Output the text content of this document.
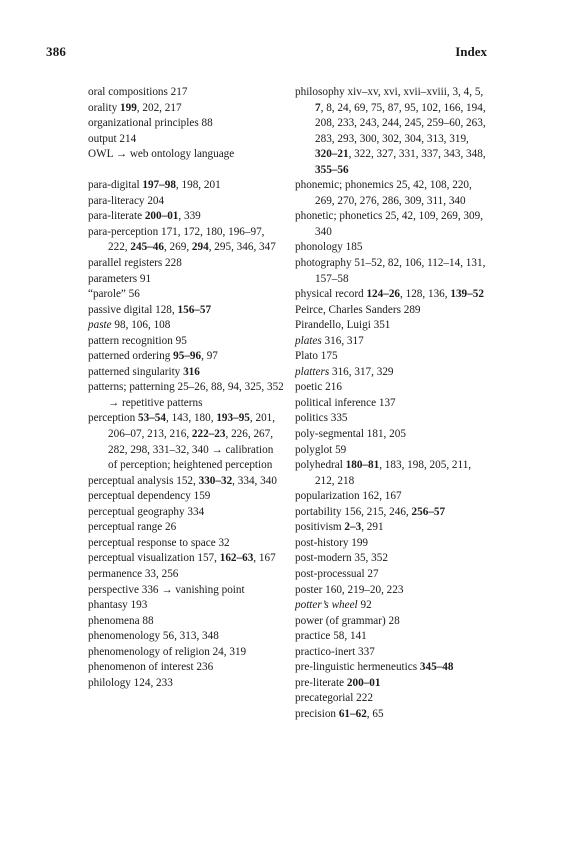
386	Index
oral compositions 217
orality 199, 202, 217
organizational principles 88
output 214
OWL → web ontology language
para-digital 197–98, 198, 201
para-literacy 204
para-literate 200–01, 339
para-perception 171, 172, 180, 196–97, 222, 245–46, 269, 294, 295, 346, 347
parallel registers 228
parameters 91
“parole” 56
passive digital 128, 156–57
paste 98, 106, 108
pattern recognition 95
patterned ordering 95–96, 97
patterned singularity 316
patterns; patterning 25–26, 88, 94, 325, 352 → repetitive patterns
perception 53–54, 143, 180, 193–95, 201, 206–07, 213, 216, 222–23, 226, 267, 282, 298, 331–32, 340 → calibration of perception; heightened perception
perceptual analysis 152, 330–32, 334, 340
perceptual dependency 159
perceptual geography 334
perceptual range 26
perceptual response to space 32
perceptual visualization 157, 162–63, 167
permanence 33, 256
perspective 336 → vanishing point
phantasy 193
phenomena 88
phenomenology 56, 313, 348
phenomenology of religion 24, 319
phenomenon of interest 236
philology 124, 233
philosophy xiv–xv, xvi, xvii–xviii, 3, 4, 5, 7, 8, 24, 69, 75, 87, 95, 102, 166, 194, 208, 233, 243, 244, 245, 259–60, 263, 283, 293, 300, 302, 304, 313, 319, 320–21, 322, 327, 331, 337, 343, 348, 355–56
phonemic; phonemics 25, 42, 108, 220, 269, 270, 276, 286, 309, 311, 340
phonetic; phonetics 25, 42, 109, 269, 309, 340
phonology 185
photography 51–52, 82, 106, 112–14, 131, 157–58
physical record 124–26, 128, 136, 139–52
Peirce, Charles Sanders 289
Pirandello, Luigi 351
plates 316, 317
Plato 175
platters 316, 317, 329
poetic 216
political inference 137
politics 335
poly-segmental 181, 205
polyglot 59
polyhedral 180–81, 183, 198, 205, 211, 212, 218
popularization 162, 167
portability 156, 215, 246, 256–57
positivism 2–3, 291
post-history 199
post-modern 35, 352
post-processual 27
poster 160, 219–20, 223
potter’s wheel 92
power (of grammar) 28
practice 58, 141
practico-inert 337
pre-linguistic hermeneutics 345–48
pre-literate 200–01
precategorial 222
precision 61–62, 65
